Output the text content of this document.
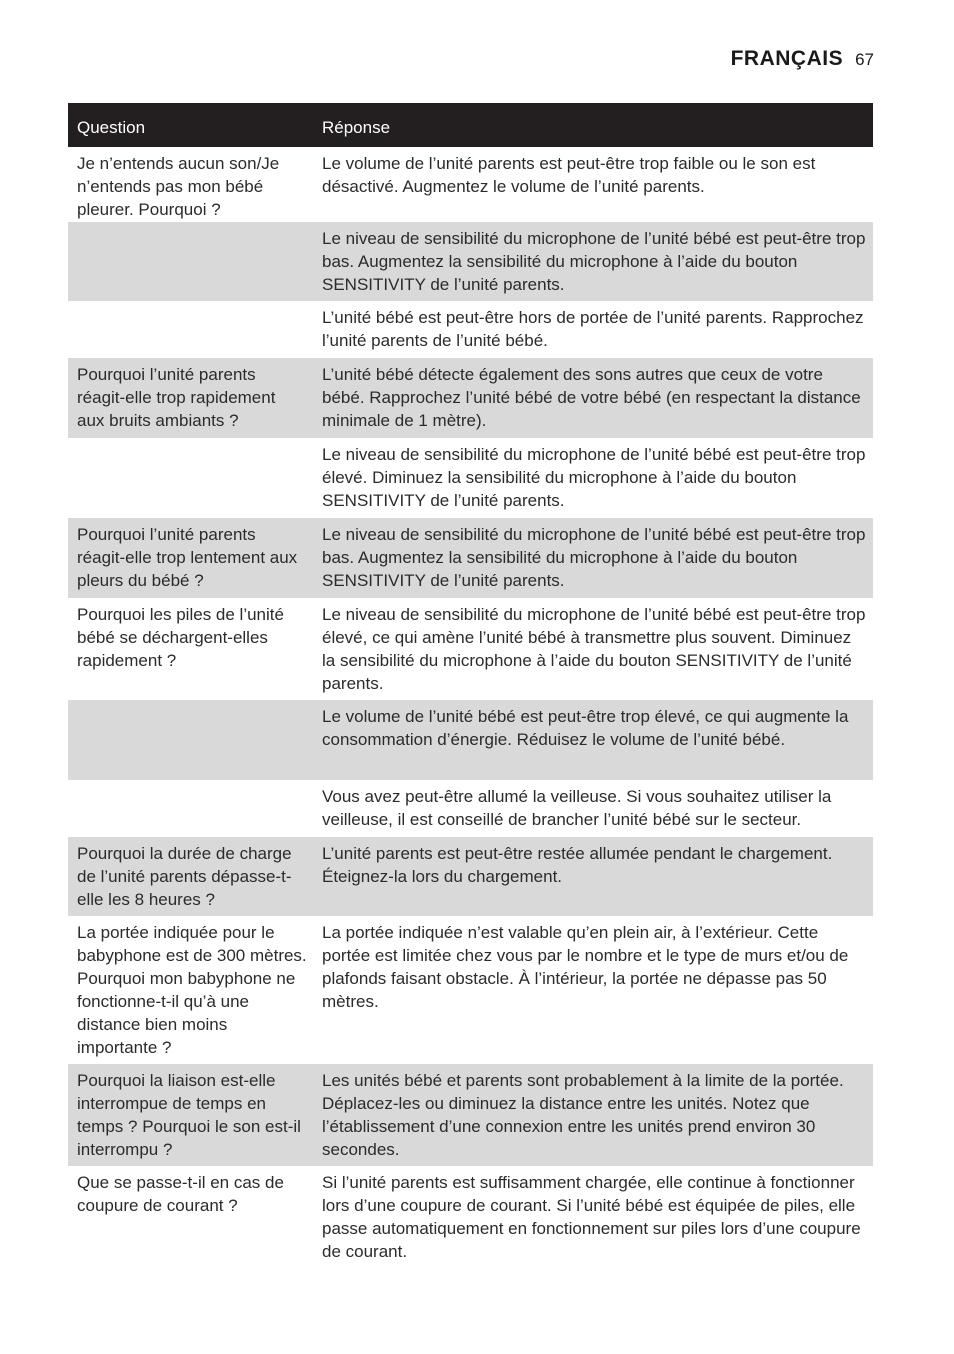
FRANÇAIS 67
Question	Réponse
Je n’entends aucun son/Je n’entends pas mon bébé pleurer. Pourquoi ?
Le volume de l’unité parents est peut-être trop faible ou le son est désactivé. Augmentez le volume de l’unité parents.
Le niveau de sensibilité du microphone de l’unité bébé est peut-être trop bas. Augmentez la sensibilité du microphone à l’aide du bouton SENSITIVITY de l’unité parents.
L’unité bébé est peut-être hors de portée de l’unité parents. Rapprochez l’unité parents de l’unité bébé.
Pourquoi l’unité parents réagit-elle trop rapidement aux bruits ambiants ?
L’unité bébé détecte également des sons autres que ceux de votre bébé. Rapprochez l’unité bébé de votre bébé (en respectant la distance minimale de 1 mètre).
Le niveau de sensibilité du microphone de l’unité bébé est peut-être trop élevé. Diminuez la sensibilité du microphone à l’aide du bouton SENSITIVITY de l’unité parents.
Pourquoi l’unité parents réagit-elle trop lentement aux pleurs du bébé ?
Le niveau de sensibilité du microphone de l’unité bébé est peut-être trop bas. Augmentez la sensibilité du microphone à l’aide du bouton SENSITIVITY de l’unité parents.
Pourquoi les piles de l’unité bébé se déchargent-elles rapidement ?
Le niveau de sensibilité du microphone de l’unité bébé est peut-être trop élevé, ce qui amène l’unité bébé à transmettre plus souvent. Diminuez la sensibilité du microphone à l’aide du bouton SENSITIVITY de l’unité parents.
Le volume de l’unité bébé est peut-être trop élevé, ce qui augmente la consommation d’énergie. Réduisez le volume de l’unité bébé.
Vous avez peut-être allumé la veilleuse. Si vous souhaitez utiliser la veilleuse, il est conseillé de brancher l’unité bébé sur le secteur.
Pourquoi la durée de charge de l’unité parents dépasse-t-elle les 8 heures ?
L’unité parents est peut-être restée allumée pendant le chargement. Éteignez-la lors du chargement.
La portée indiquée pour le babyphone est de 300 mètres. Pourquoi mon babyphone ne fonctionne-t-il qu’à une distance bien moins importante ?
La portée indiquée n’est valable qu’en plein air, à l’extérieur. Cette portée est limitée chez vous par le nombre et le type de murs et/ou de plafonds faisant obstacle. À l’intérieur, la portée ne dépasse pas 50 mètres.
Pourquoi la liaison est-elle interrompue de temps en temps ? Pourquoi le son est-il interrompu ?
Les unités bébé et parents sont probablement à la limite de la portée. Déplacez-les ou diminuez la distance entre les unités. Notez que l’établissement d’une connexion entre les unités prend environ 30 secondes.
Que se passe-t-il en cas de coupure de courant ?
Si l’unité parents est suffisamment chargée, elle continue à fonctionner lors d’une coupure de courant. Si l’unité bébé est équipée de piles, elle passe automatiquement en fonctionnement sur piles lors d’une coupure de courant.
